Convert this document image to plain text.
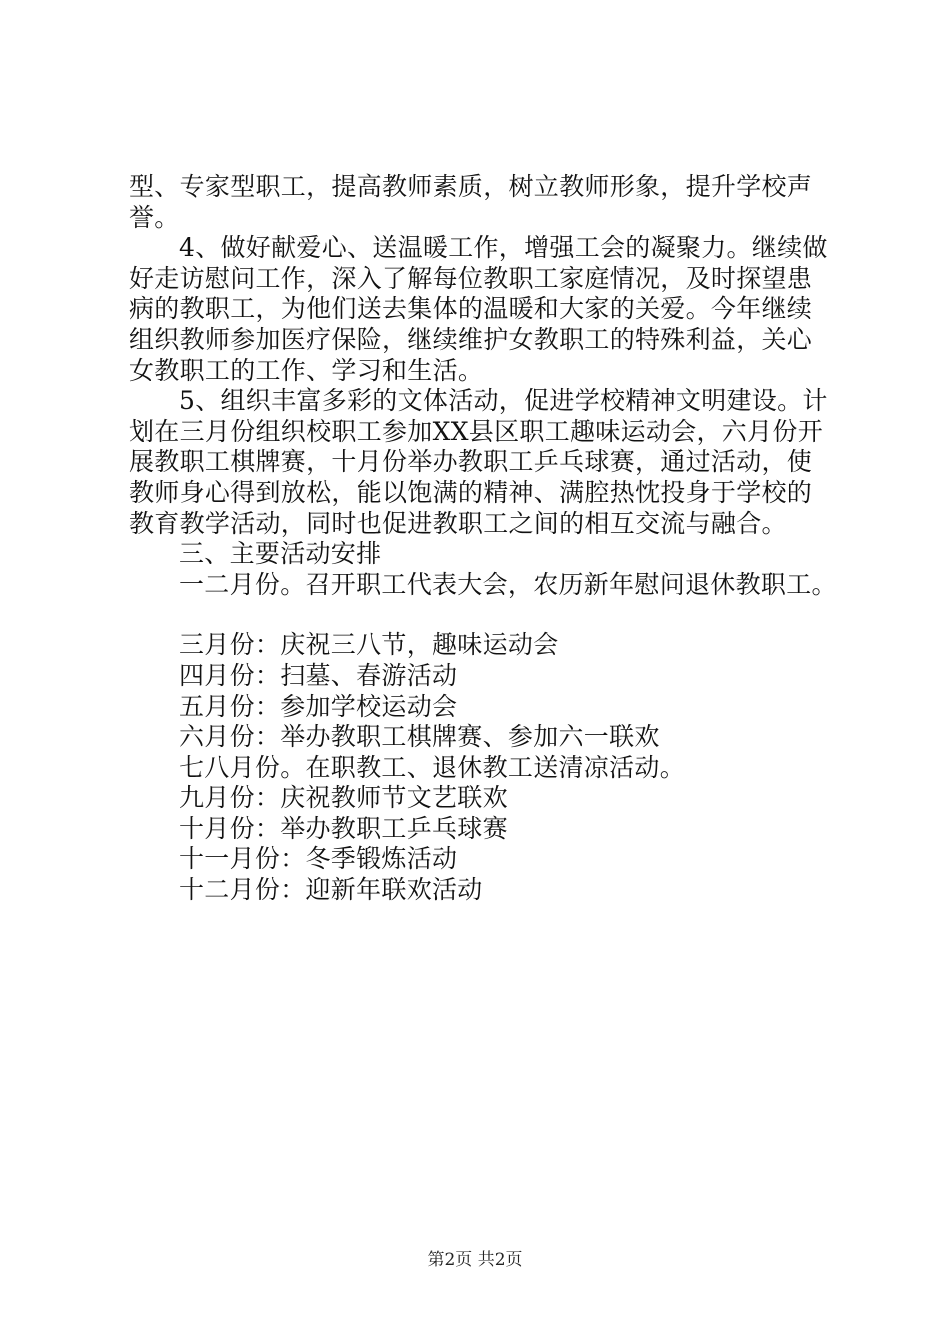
型、专家型职工，提高教师素质，树立教师形象，提升学校声
誉。
4、做好献爱心、送温暖工作，增强工会的凝聚力。继续做
好走访慰问工作，深入了解每位教职工家庭情况，及时探望患
病的教职工，为他们送去集体的温暖和大家的关爱。今年继续
组织教师参加医疗保险，继续维护女教职工的特殊利益，关心
女教职工的工作、学习和生活。
5、组织丰富多彩的文体活动，促进学校精神文明建设。计
划在三月份组织校职工参加XX县区职工趣味运动会，六月份开
展教职工棋牌赛，十月份举办教职工乒乓球赛，通过活动，使
教师身心得到放松，能以饱满的精神、满腔热忱投身于学校的
教育教学活动，同时也促进教职工之间的相互交流与融合。
三、主要活动安排
一二月份。召开职工代表大会，农历新年慰问退休教职工。
三月份：庆祝三八节，趣味运动会
四月份：扫墓、春游活动
五月份：参加学校运动会
六月份：举办教职工棋牌赛、参加六一联欢
七八月份。在职教工、退休教工送清凉活动。
九月份：庆祝教师节文艺联欢
十月份：举办教职工乒乓球赛
十一月份：冬季锻炼活动
十二月份：迎新年联欢活动
第2页 共2页
